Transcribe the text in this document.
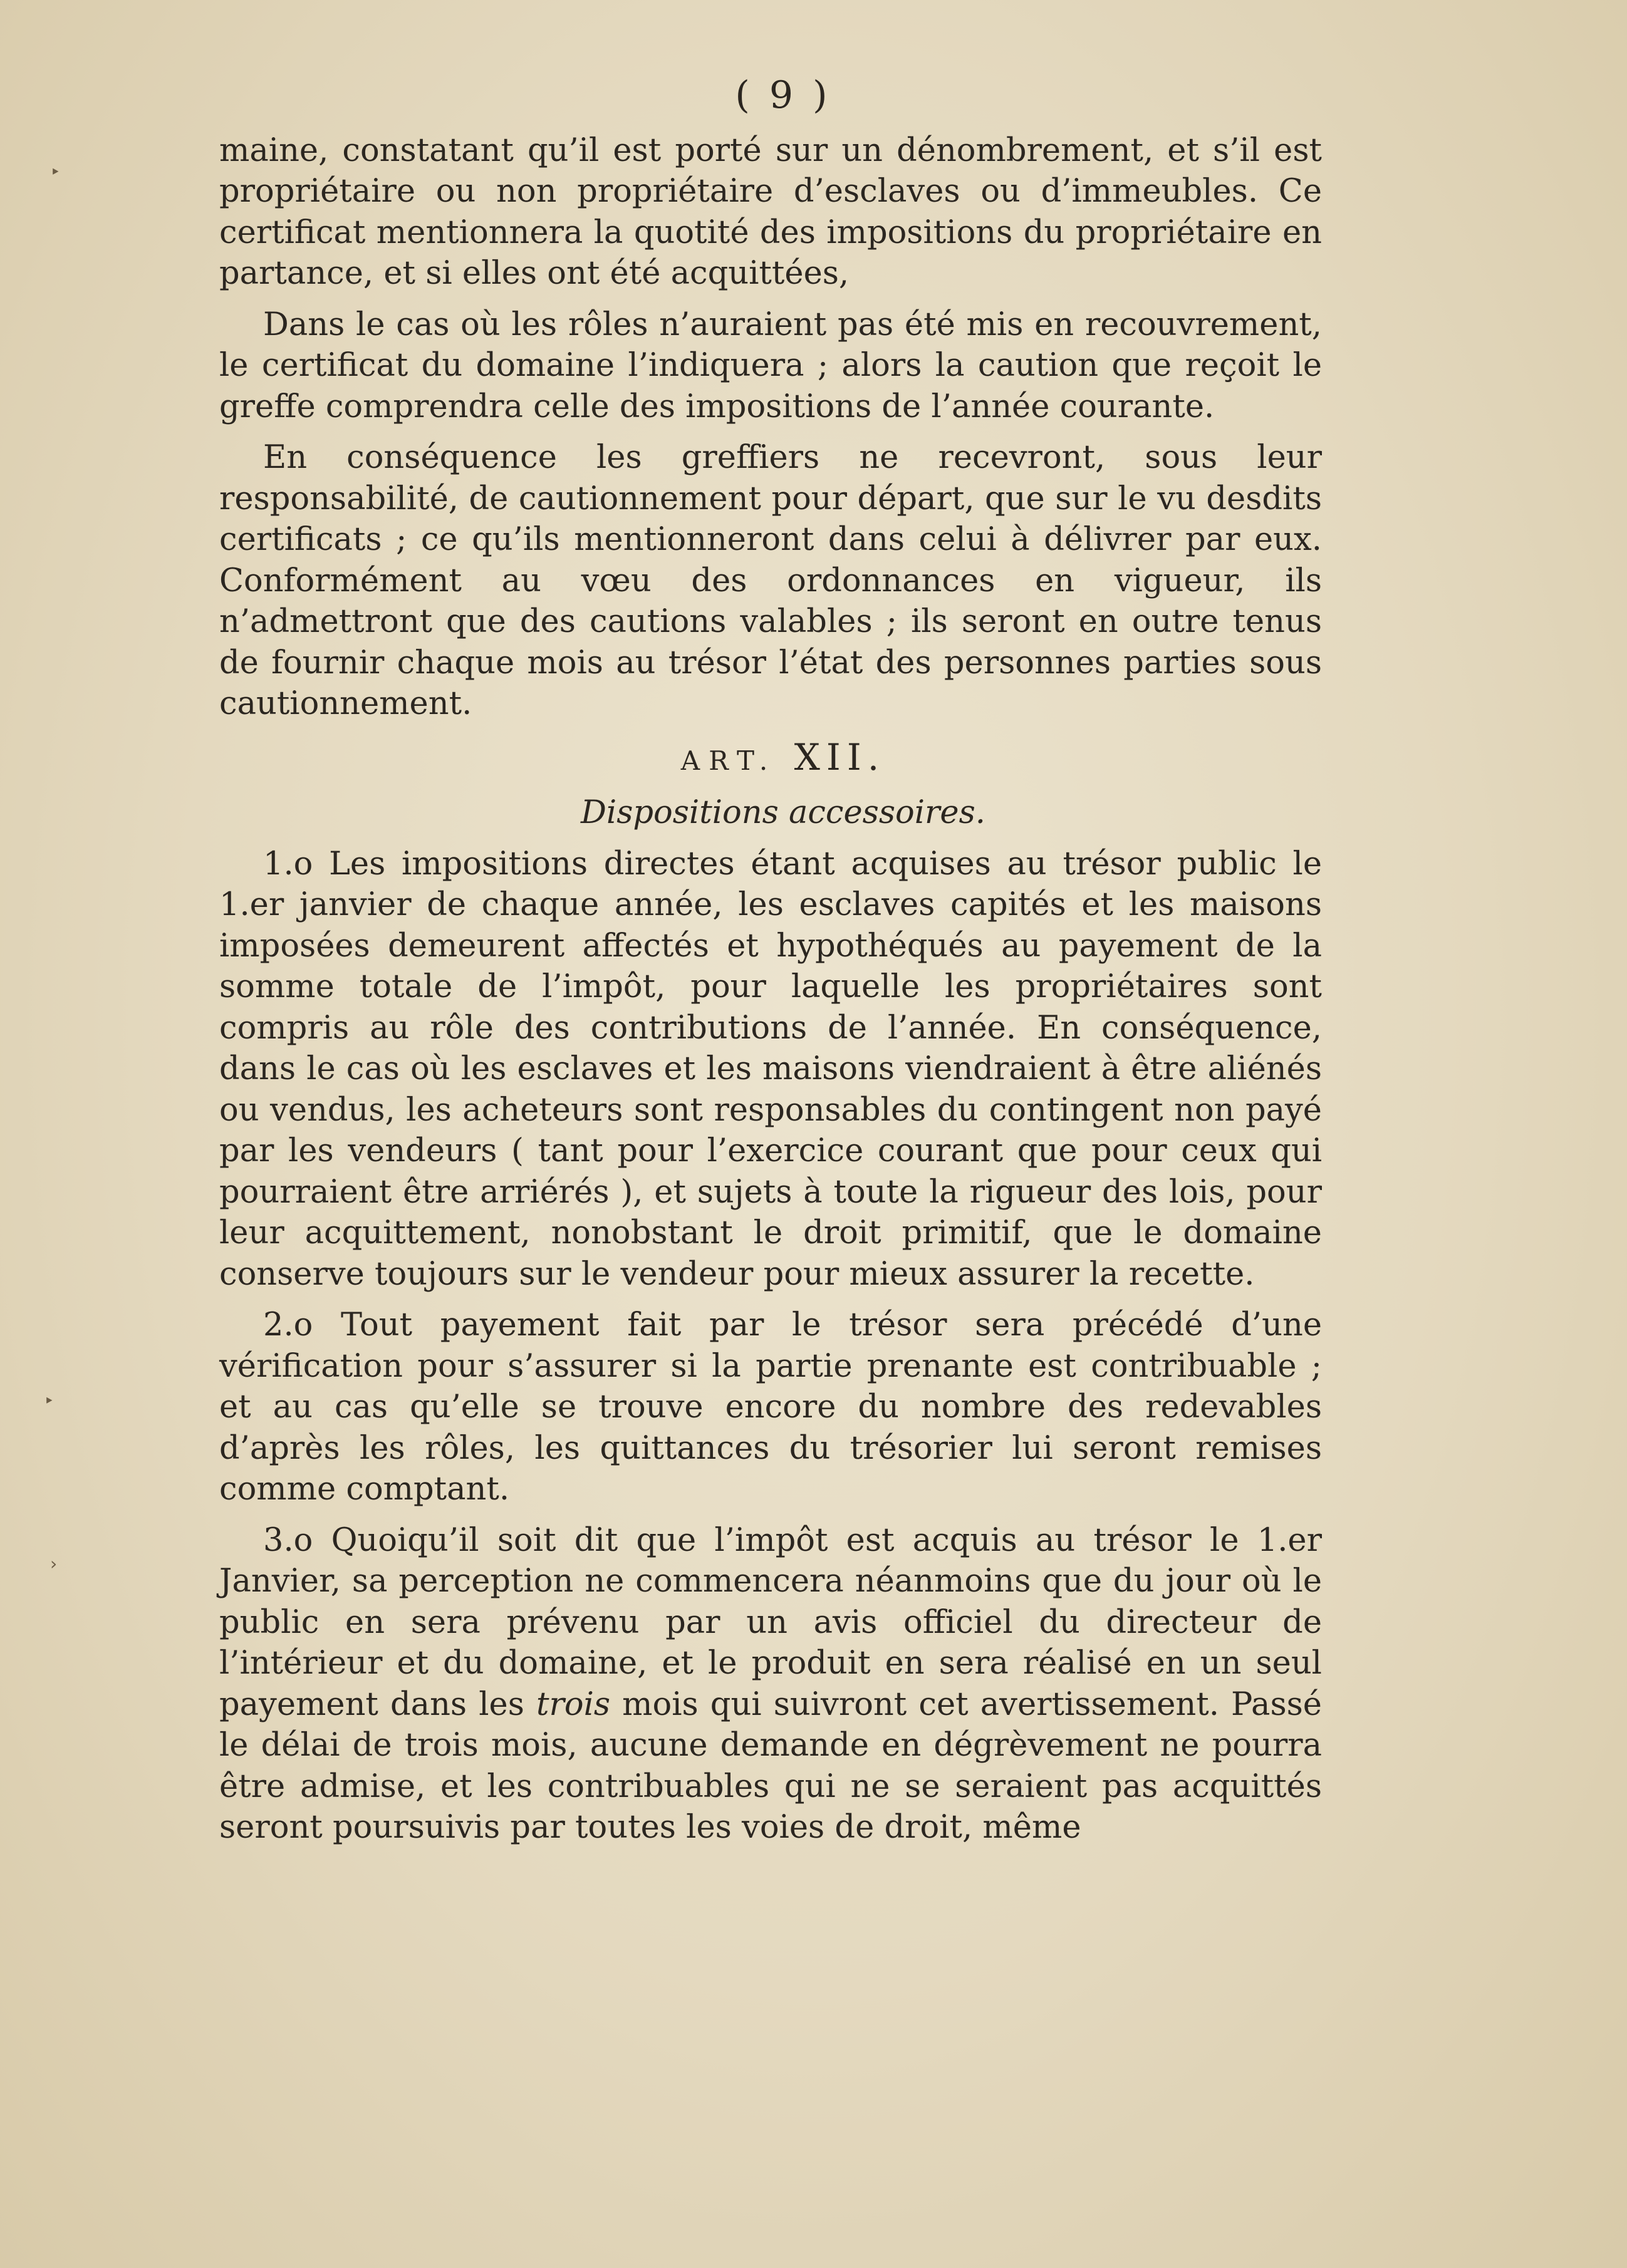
‣
‣
›
( 9 )

maine, constatant qu’il est porté sur un dénombrement, et s’il est propriétaire ou non propriétaire d’esclaves ou d’immeubles. Ce certificat mentionnera la quotité des impositions du propriétaire en partance, et si elles ont été acquittées,

Dans le cas où les rôles n’auraient pas été mis en recouvrement, le certificat du domaine l’indiquera ; alors la caution que reçoit le greffe comprendra celle des impositions de l’année courante.

En conséquence les greffiers ne recevront, sous leur responsabilité, de cautionnement pour départ, que sur le vu desdits certificats ; ce qu’ils mentionneront dans celui à délivrer par eux. Conformément au vœu des ordonnances en vigueur, ils n’admettront que des cautions valables ; ils seront en outre tenus de fournir chaque mois au trésor l’état des personnes parties sous cautionnement.

ART. XII.
Dispositions accessoires.

1.o Les impositions directes étant acquises au trésor public le 1.er janvier de chaque année, les esclaves capités et les maisons imposées demeurent affectés et hypothéqués au payement de la somme totale de l’impôt, pour laquelle les propriétaires sont compris au rôle des contributions de l’année. En conséquence, dans le cas où les esclaves et les maisons viendraient à être aliénés ou vendus, les acheteurs sont responsables du contingent non payé par les vendeurs ( tant pour l’exercice courant que pour ceux qui pourraient être arriérés ), et sujets à toute la rigueur des lois, pour leur acquittement, nonobstant le droit primitif, que le domaine conserve toujours sur le vendeur pour mieux assurer la recette.

2.o Tout payement fait par le trésor sera précédé d’une vérification pour s’assurer si la partie prenante est contribuable ; et au cas qu’elle se trouve encore du nombre des redevables d’après les rôles, les quittances du trésorier lui seront remises comme comptant.

3.o Quoiqu’il soit dit que l’impôt est acquis au trésor le 1.er Janvier, sa perception ne commencera néanmoins que du jour où le public en sera prévenu par un avis officiel du directeur de l’intérieur et du domaine, et le produit en sera réalisé en un seul payement dans les trois mois qui suivront cet avertissement. Passé le délai de trois mois, aucune demande en dégrèvement ne pourra être admise, et les contribuables qui ne se seraient pas acquittés seront poursuivis par toutes les voies de droit, même
